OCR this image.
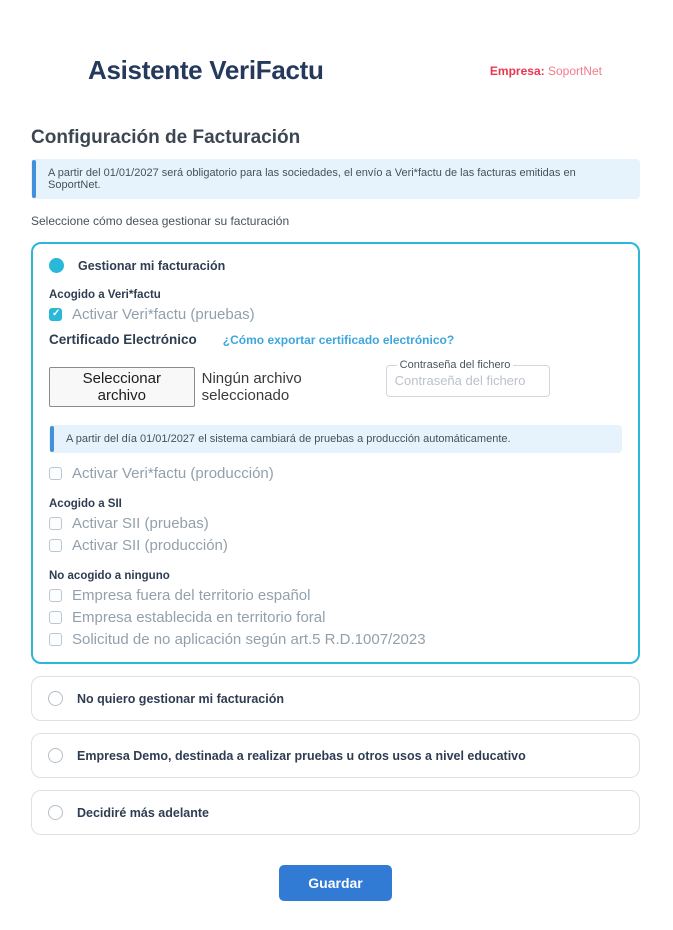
Asistente VeriFactu	Empresa: SoportNet
Configuración de Facturación
A partir del 01/01/2027 será obligatorio para las sociedades, el envío a Veri*factu de las facturas emitidas en SoportNet.
Seleccione cómo desea gestionar su facturación
Gestionar mi facturación
Acogido a Veri*factu
✓
Activar Veri*factu (pruebas)
Certificado Electrónico ¿Cómo exportar certificado electrónico?
Seleccionar archivo
Ningún archivo seleccionado
Contraseña del fichero
Contraseña del fichero
A partir del día 01/01/2027 el sistema cambiará de pruebas a producción automáticamente.
Activar Veri*factu (producción)
Acogido a SII
Activar SII (pruebas)
Activar SII (producción)
No acogido a ninguno
Empresa fuera del territorio español
Empresa establecida en territorio foral
Solicitud de no aplicación según art.5 R.D.1007/2023
No quiero gestionar mi facturación
Empresa Demo, destinada a realizar pruebas u otros usos a nivel educativo
Decidiré más adelante
Guardar
